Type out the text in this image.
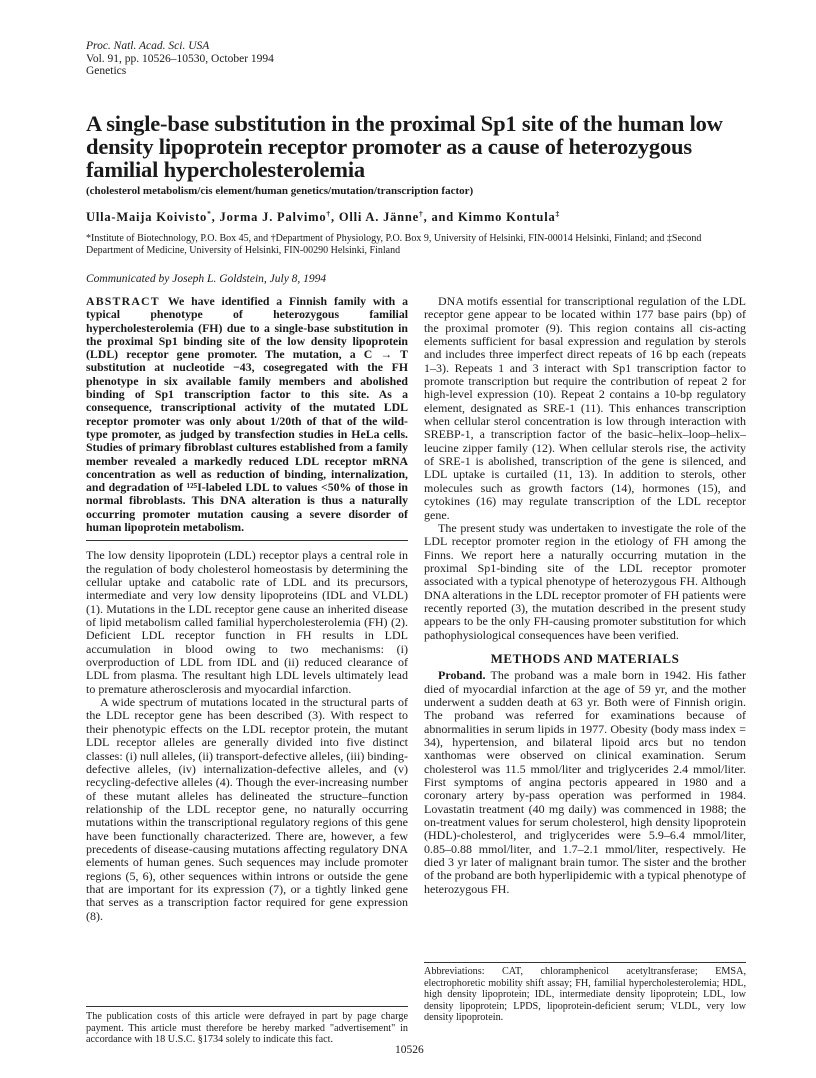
Proc. Natl. Acad. Sci. USA
Vol. 91, pp. 10526–10530, October 1994
Genetics
A single-base substitution in the proximal Sp1 site of the human low density lipoprotein receptor promoter as a cause of heterozygous familial hypercholesterolemia
(cholesterol metabolism/cis element/human genetics/mutation/transcription factor)
Ulla-Maija Koivisto*, Jorma J. Palvimo†, Olli A. Jänne†, and Kimmo Kontula‡
*Institute of Biotechnology, P.O. Box 45, and †Department of Physiology, P.O. Box 9, University of Helsinki, FIN-00014 Helsinki, Finland; and ‡Second Department of Medicine, University of Helsinki, FIN-00290 Helsinki, Finland
Communicated by Joseph L. Goldstein, July 8, 1994

ABSTRACT We have identified a Finnish family with a typical phenotype of heterozygous familial hypercholesterolemia (FH) due to a single-base substitution in the proximal Sp1 binding site of the low density lipoprotein (LDL) receptor gene promoter. The mutation, a C → T substitution at nucleotide −43, cosegregated with the FH phenotype in six available family members and abolished binding of Sp1 transcription factor to this site. As a consequence, transcriptional activity of the mutated LDL receptor promoter was only about 1/20th of that of the wild-type promoter, as judged by transfection studies in HeLa cells. Studies of primary fibroblast cultures established from a family member revealed a markedly reduced LDL receptor mRNA concentration as well as reduction of binding, internalization, and degradation of ¹²⁵I-labeled LDL to values <50% of those in normal fibroblasts. This DNA alteration is thus a naturally occurring promoter mutation causing a severe disorder of human lipoprotein metabolism.

The low density lipoprotein (LDL) receptor plays a central role in the regulation of body cholesterol homeostasis by determining the cellular uptake and catabolic rate of LDL and its precursors, intermediate and very low density lipoproteins (IDL and VLDL) (1). Mutations in the LDL receptor gene cause an inherited disease of lipid metabolism called familial hypercholesterolemia (FH) (2). Deficient LDL receptor function in FH results in LDL accumulation in blood owing to two mechanisms: (i) overproduction of LDL from IDL and (ii) reduced clearance of LDL from plasma. The resultant high LDL levels ultimately lead to premature atherosclerosis and myocardial infarction.

A wide spectrum of mutations located in the structural parts of the LDL receptor gene has been described (3). With respect to their phenotypic effects on the LDL receptor protein, the mutant LDL receptor alleles are generally divided into five distinct classes: (i) null alleles, (ii) transport-defective alleles, (iii) binding-defective alleles, (iv) internalization-defective alleles, and (v) recycling-defective alleles (4). Though the ever-increasing number of these mutant alleles has delineated the structure–function relationship of the LDL receptor gene, no naturally occurring mutations within the transcriptional regulatory regions of this gene have been functionally characterized. There are, however, a few precedents of disease-causing mutations affecting regulatory DNA elements of human genes. Such sequences may include promoter regions (5, 6), other sequences within introns or outside the gene that are important for its expression (7), or a tightly linked gene that serves as a transcription factor required for gene expression (8).

DNA motifs essential for transcriptional regulation of the LDL receptor gene appear to be located within 177 base pairs (bp) of the proximal promoter (9). This region contains all cis-acting elements sufficient for basal expression and regulation by sterols and includes three imperfect direct repeats of 16 bp each (repeats 1–3). Repeats 1 and 3 interact with Sp1 transcription factor to promote transcription but require the contribution of repeat 2 for high-level expression (10). Repeat 2 contains a 10-bp regulatory element, designated as SRE-1 (11). This enhances transcription when cellular sterol concentration is low through interaction with SREBP-1, a transcription factor of the basic–helix–loop–helix–leucine zipper family (12). When cellular sterols rise, the activity of SRE-1 is abolished, transcription of the gene is silenced, and LDL uptake is curtailed (11, 13). In addition to sterols, other molecules such as growth factors (14), hormones (15), and cytokines (16) may regulate transcription of the LDL receptor gene.

The present study was undertaken to investigate the role of the LDL receptor promoter region in the etiology of FH among the Finns. We report here a naturally occurring mutation in the proximal Sp1-binding site of the LDL receptor promoter associated with a typical phenotype of heterozygous FH. Although DNA alterations in the LDL receptor promoter of FH patients were recently reported (3), the mutation described in the present study appears to be the only FH-causing promoter substitution for which pathophysiological consequences have been verified.

METHODS AND MATERIALS

Proband. The proband was a male born in 1942. His father died of myocardial infarction at the age of 59 yr, and the mother underwent a sudden death at 63 yr. Both were of Finnish origin. The proband was referred for examinations because of abnormalities in serum lipids in 1977. Obesity (body mass index = 34), hypertension, and bilateral lipoid arcs but no tendon xanthomas were observed on clinical examination. Serum cholesterol was 11.5 mmol/liter and triglycerides 2.4 mmol/liter. First symptoms of angina pectoris appeared in 1980 and a coronary artery by-pass operation was performed in 1984. Lovastatin treatment (40 mg daily) was commenced in 1988; the on-treatment values for serum cholesterol, high density lipoprotein (HDL)-cholesterol, and triglycerides were 5.9–6.4 mmol/liter, 0.85–0.88 mmol/liter, and 1.7–2.1 mmol/liter, respectively. He died 3 yr later of malignant brain tumor. The sister and the brother of the proband are both hyperlipidemic with a typical phenotype of heterozygous FH.

The publication costs of this article were defrayed in part by page charge payment. This article must therefore be hereby marked "advertisement" in accordance with 18 U.S.C. §1734 solely to indicate this fact.
Abbreviations: CAT, chloramphenicol acetyltransferase; EMSA, electrophoretic mobility shift assay; FH, familial hypercholesterolemia; HDL, high density lipoprotein; IDL, intermediate density lipoprotein; LDL, low density lipoprotein; LPDS, lipoprotein-deficient serum; VLDL, very low density lipoprotein.
10526
